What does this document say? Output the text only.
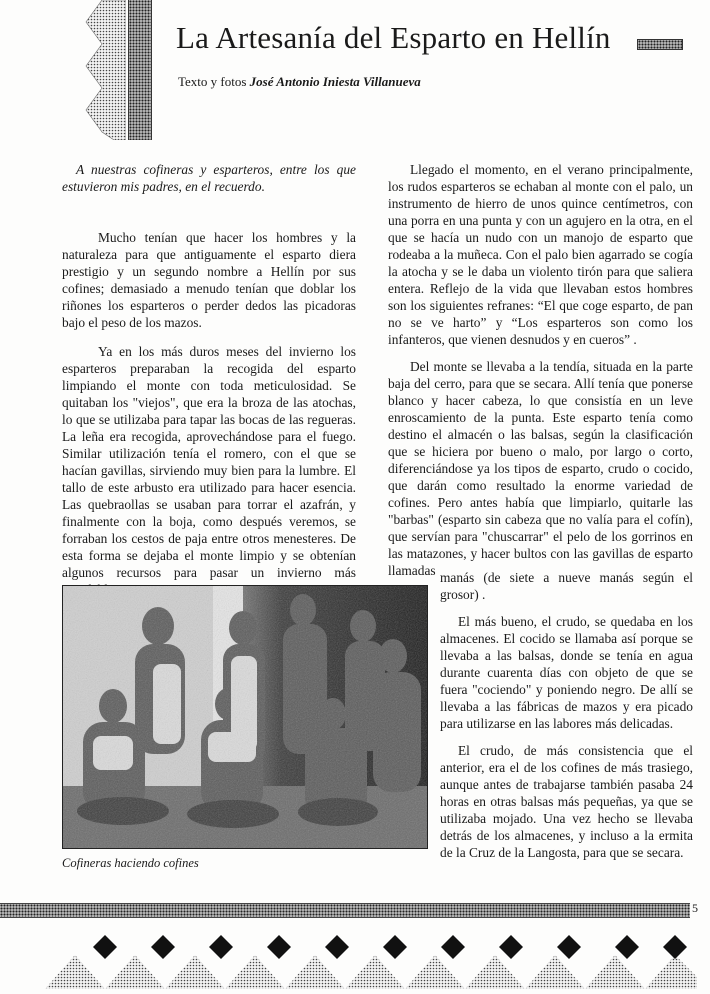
La Artesanía del Esparto en Hellín
Texto y fotos José Antonio Iniesta Villanueva

A nuestras cofineras y esparteros, entre los que estuvieron mis padres, en el recuerdo.

Mucho tenían que hacer los hombres y la naturaleza para que antiguamente el esparto diera prestigio y un segundo nombre a Hellín por sus cofines; demasiado a menudo tenían que doblar los riñones los esparteros o perder dedos las picadoras bajo el peso de los mazos.

Ya en los más duros meses del invierno los esparteros preparaban la recogida del esparto limpiando el monte con toda meticulosidad. Se quitaban los "viejos", que era la broza de las atochas, lo que se utilizaba para tapar las bocas de las regueras. La leña era recogida, aprovechándose para el fuego. Similar utilización tenía el romero, con el que se hacían gavillas, sirviendo muy bien para la lumbre. El tallo de este arbusto era utilizado para hacer esencia. Las quebraollas se usaban para torrar el azafrán, y finalmente con la boja, como después veremos, se forraban los cestos de paja entre otros menesteres. De esta forma se dejaba el monte limpio y se obtenían algunos recursos para pasar un invierno más

Llegado el momento, en el verano principalmente, los rudos esparteros se echaban al monte con el palo, un instrumento de hierro de unos quince centímetros, con una porra en una punta y con un agujero en la otra, en el que se hacía un nudo con un manojo de esparto que rodeaba a la muñeca. Con el palo bien agarrado se cogía la atocha y se le daba un violento tirón para que saliera entera. Reflejo de la vida que llevaban estos hombres son los siguientes refranes: “El que coge esparto, de pan no se ve harto” y “Los esparteros son como los infanteros, que vienen desnudos y en cueros” .

Del monte se llevaba a la tendía, situada en la parte baja del cerro, para que se secara. Allí tenía que ponerse blanco y hacer cabeza, lo que consistía en un leve enroscamiento de la punta. Este esparto tenía como destino el almacén o las balsas, según la clasificación que se hiciera por bueno o malo, por largo o corto, diferenciándose ya los tipos de esparto, crudo o cocido, que darán como resultado la enorme variedad de cofines. Pero antes había que limpiarlo, quitarle las "barbas" (esparto sin cabeza que no valía para el cofín), que servían para "chuscarrar" el pelo de los gorrinos en las matazones, y hacer bultos con las gavillas de esparto llamadas manás (de siete a nueve manás según el grosor) .

El más bueno, el crudo, se quedaba en los almacenes. El cocido se llamaba así porque se llevaba a las balsas, donde se tenía en agua durante cuarenta días con objeto de que se fuera "cociendo" y poniendo negro. De allí se llevaba a las fábricas de mazos y era picado para utilizarse en las labores más delicadas.

El crudo, de más consistencia que el anterior, era el de los cofines de más trasiego, aunque antes de trabajarse también pasaba 24 horas en otras balsas más pequeñas, ya que se utilizaba mojado. Una vez hecho se llevaba detrás de los almacenes, y incluso a la ermita de la Cruz de la Langosta, para que se secara.

Cofineras haciendo cofines
5
